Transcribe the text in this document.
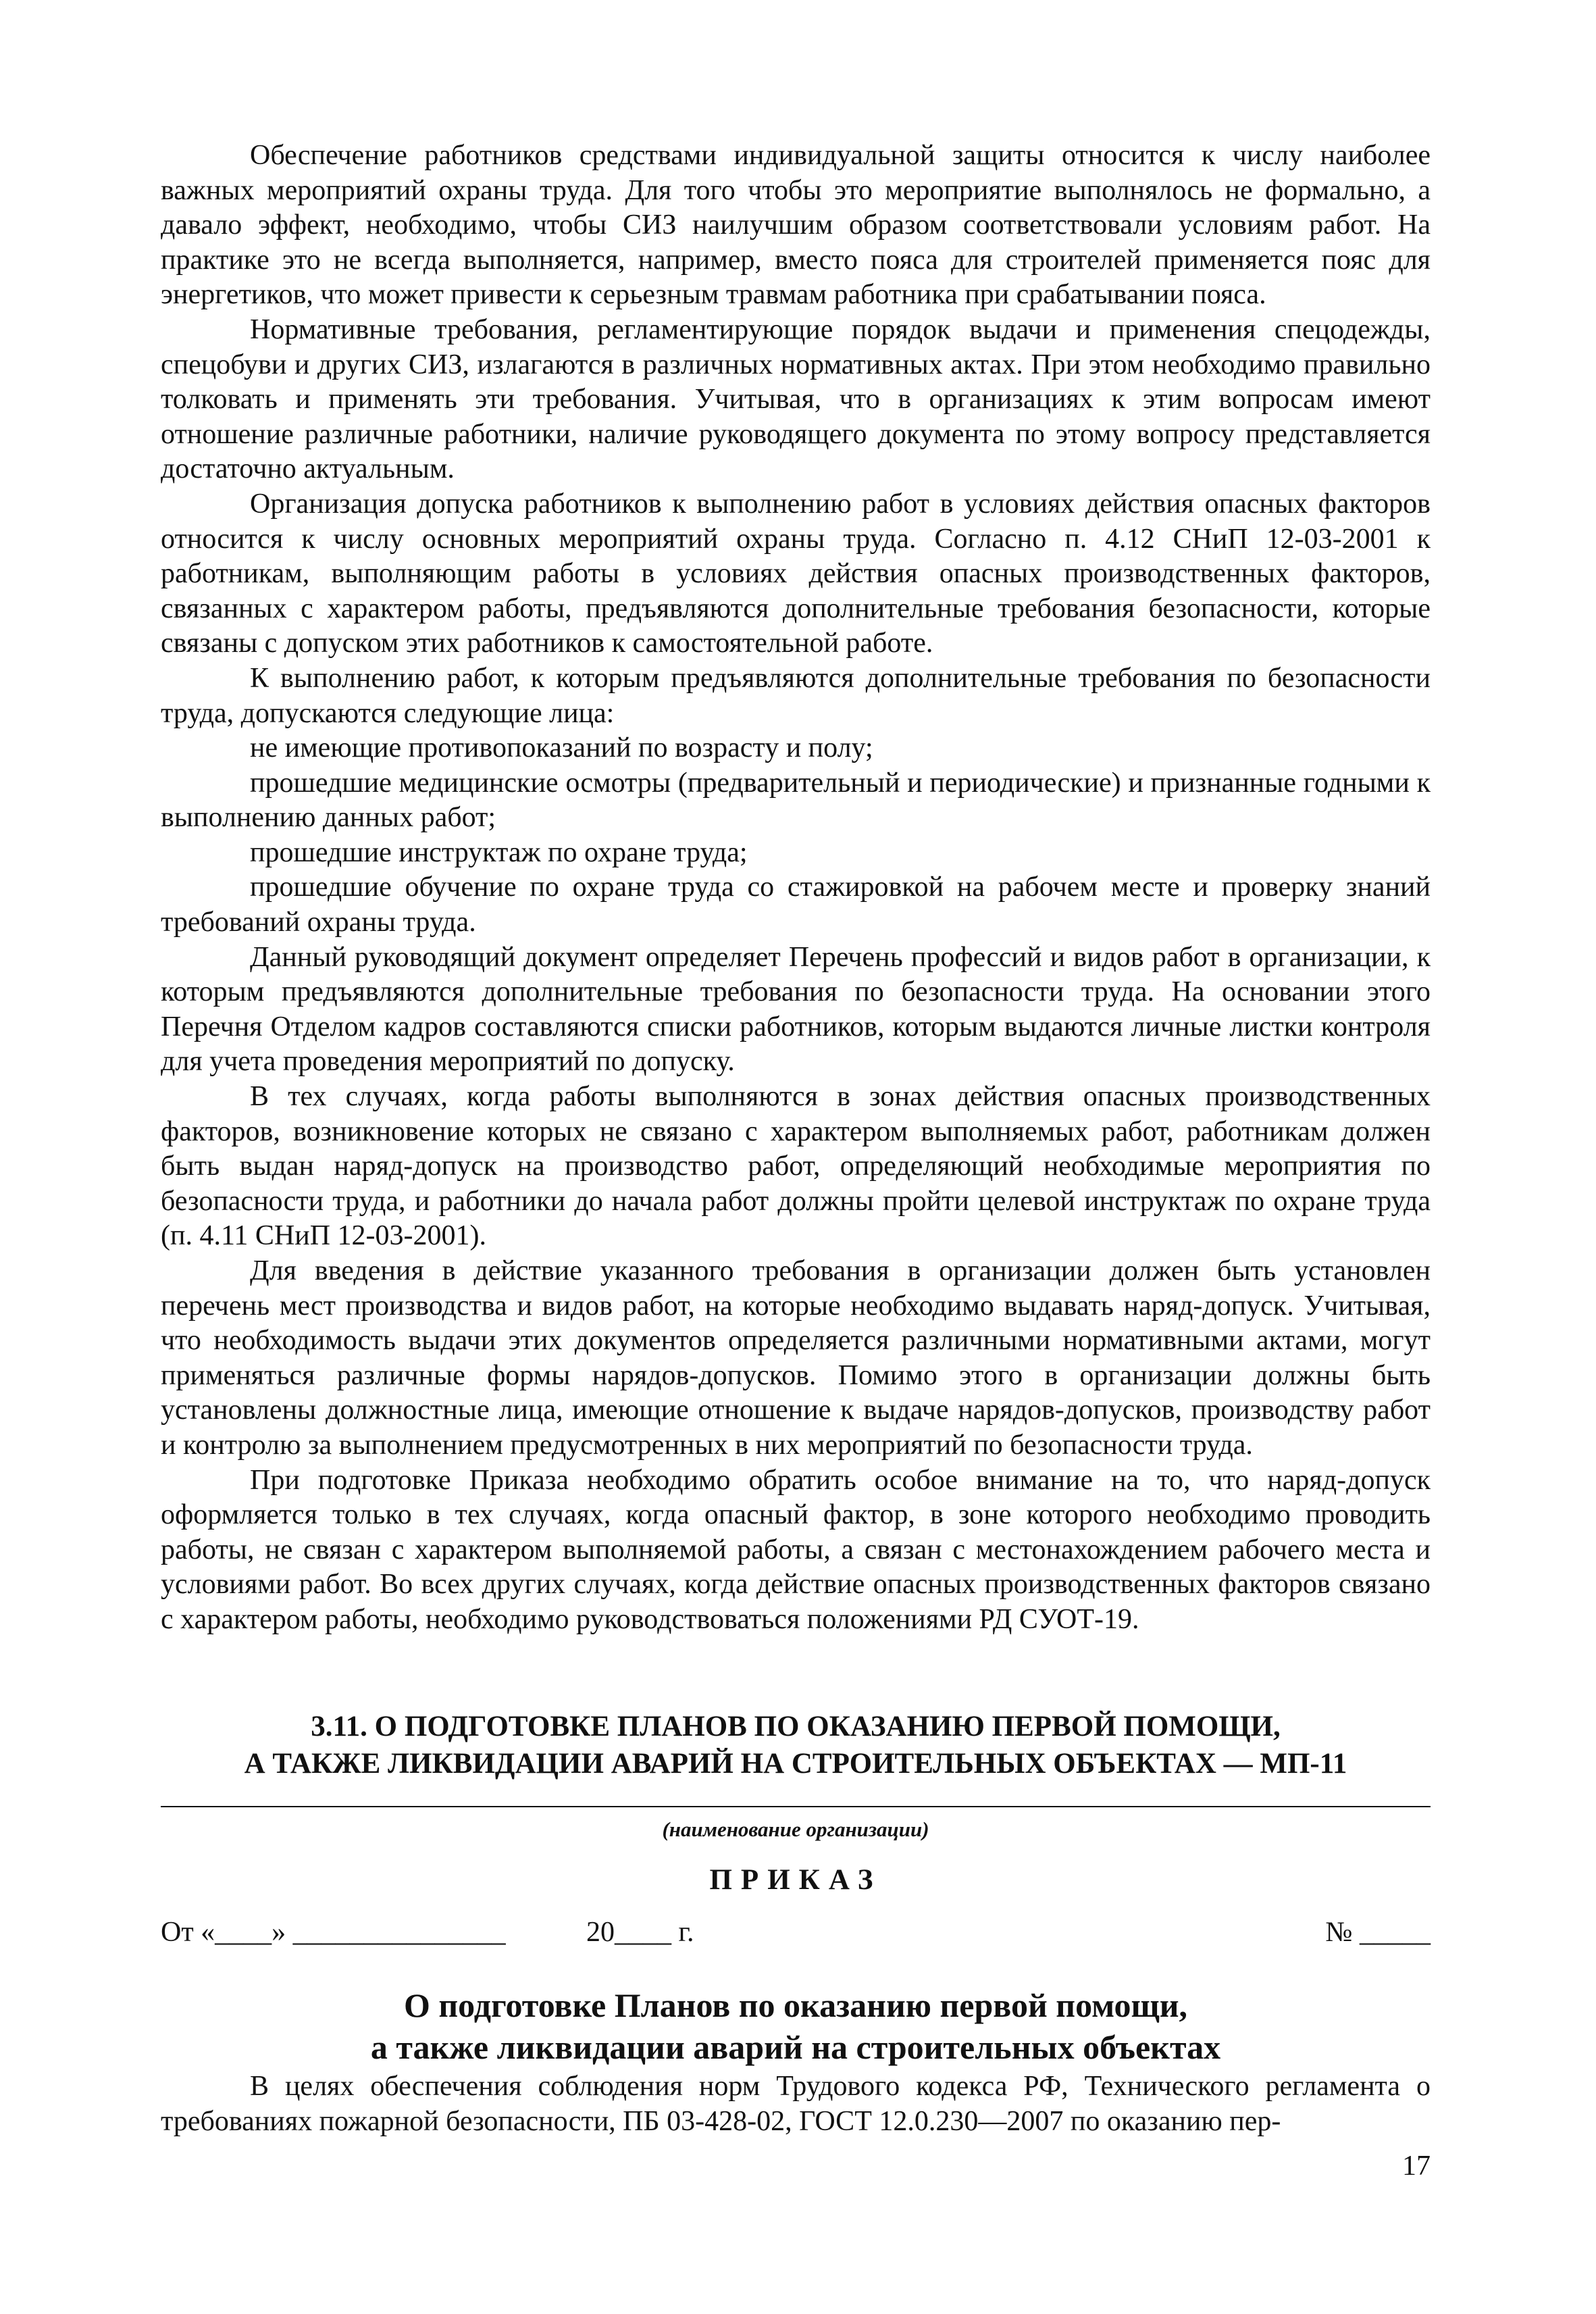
Обеспечение работников средствами индивидуальной защиты относится к числу наиболее важных мероприятий охраны труда. Для того чтобы это мероприятие выполнялось не формально, а давало эффект, необходимо, чтобы СИЗ наилучшим образом соответствовали условиям работ. На практике это не всегда выполняется, например, вместо пояса для строителей применяется пояс для энергетиков, что может привести к серьезным травмам работника при срабатывании пояса.

Нормативные требования, регламентирующие порядок выдачи и применения спецодежды, спецобуви и других СИЗ, излагаются в различных нормативных актах. При этом необходимо правильно толковать и применять эти требования. Учитывая, что в организациях к этим вопросам имеют отношение различные работники, наличие руководящего документа по этому вопросу представляется достаточно актуальным.

Организация допуска работников к выполнению работ в условиях действия опасных факторов относится к числу основных мероприятий охраны труда. Согласно п. 4.12 СНиП 12-03-2001 к работникам, выполняющим работы в условиях действия опасных производственных факторов, связанных с характером работы, предъявляются дополнительные требования безопасности, которые связаны с допуском этих работников к самостоятельной работе.

К выполнению работ, к которым предъявляются дополнительные требования по безопасности труда, допускаются следующие лица:

не имеющие противопоказаний по возрасту и полу;

прошедшие медицинские осмотры (предварительный и периодические) и признанные годными к выполнению данных работ;

прошедшие инструктаж по охране труда;

прошедшие обучение по охране труда со стажировкой на рабочем месте и проверку знаний требований охраны труда.

Данный руководящий документ определяет Перечень профессий и видов работ в организации, к которым предъявляются дополнительные требования по безопасности труда. На основании этого Перечня Отделом кадров составляются списки работников, которым выдаются личные листки контроля для учета проведения мероприятий по допуску.

В тех случаях, когда работы выполняются в зонах действия опасных производственных факторов, возникновение которых не связано с характером выполняемых работ, работникам должен быть выдан наряд-допуск на производство работ, определяющий необходимые мероприятия по безопасности труда, и работники до начала работ должны пройти целевой инструктаж по охране труда (п. 4.11 СНиП 12-03-2001).

Для введения в действие указанного требования в организации должен быть установлен перечень мест производства и видов работ, на которые необходимо выдавать наряд-допуск. Учитывая, что необходимость выдачи этих документов определяется различными нормативными актами, могут применяться различные формы нарядов-допусков. Помимо этого в организации должны быть установлены должностные лица, имеющие отношение к выдаче нарядов-допусков, производству работ и контролю за выполнением предусмотренных в них мероприятий по безопасности труда.

При подготовке Приказа необходимо обратить особое внимание на то, что наряд-допуск оформляется только в тех случаях, когда опасный фактор, в зоне которого необходимо проводить работы, не связан с характером выполняемой работы, а связан с местонахождением рабочего места и условиями работ. Во всех других случаях, когда действие опасных производственных факторов связано с характером работы, необходимо руководствоваться положениями РД СУОТ-19.

3.11. О ПОДГОТОВКЕ ПЛАНОВ ПО ОКАЗАНИЮ ПЕРВОЙ ПОМОЩИ,
А ТАКЖЕ ЛИКВИДАЦИИ АВАРИЙ НА СТРОИТЕЛЬНЫХ ОБЪЕКТАХ — МП-11
(наименование организации)
ПРИКАЗ
От «____» _______________	20____ г.	№ _____
О подготовке Планов по оказанию первой помощи,
а также ликвидации аварий на строительных объектах

В целях обеспечения соблюдения норм Трудового кодекса РФ, Технического регламента о требованиях пожарной безопасности, ПБ 03-428-02, ГОСТ 12.0.230—2007 по оказанию пер-

17
